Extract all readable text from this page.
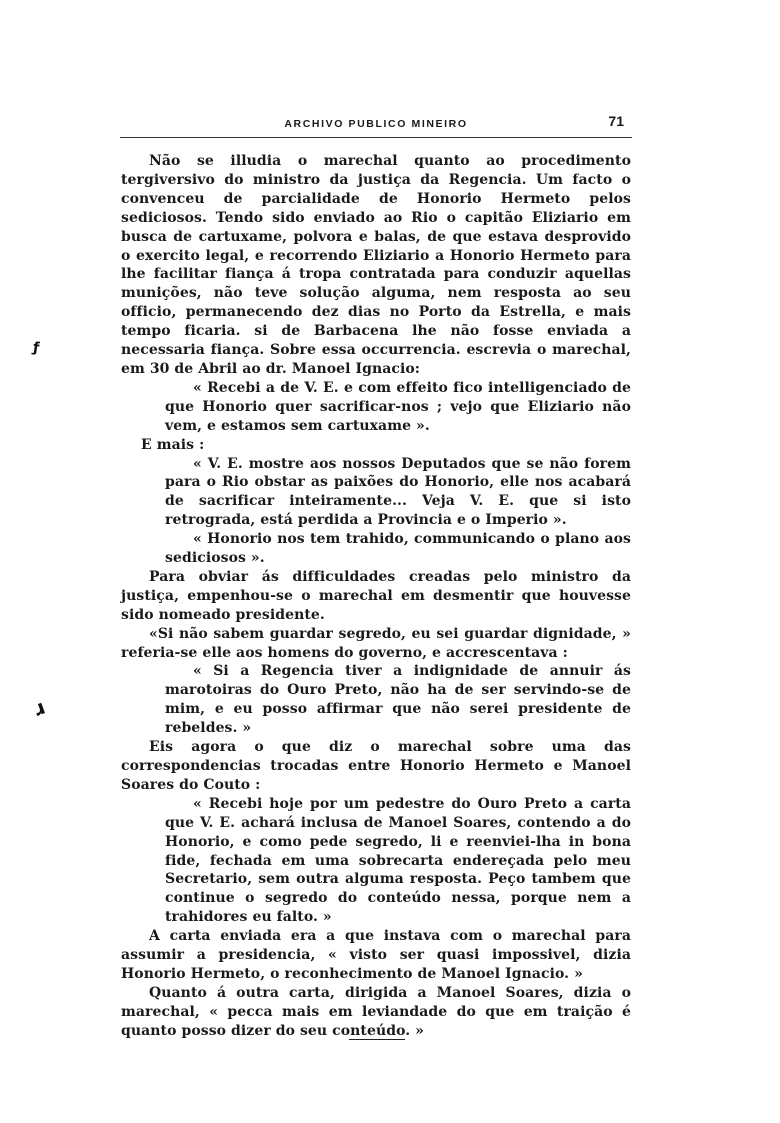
ARCHIVO PUBLICO MINEIRO	71
ƒ
ɹ

Não se illudia o marechal quanto ao procedimento tergiversivo do ministro da justiça da Regencia. Um facto o convenceu de parcialidade de Honorio Hermeto pelos sediciosos. Tendo sido enviado ao Rio o capitão Eliziario em busca de cartuxame, polvora e balas, de que estava desprovido o exercito legal, e recorrendo Eliziario a Honorio Hermeto para lhe facilitar fiança á tropa contratada para conduzir aquellas munições, não teve solução alguma, nem resposta ao seu officio, permanecendo dez dias no Porto da Estrella, e mais tempo ficaria. si de Barbacena lhe não fosse enviada a necessaria fiança. Sobre essa occurrencia. escrevia o marechal, em 30 de Abril ao dr. Manoel Ignacio:

« Recebi a de V. E. e com effeito fico intelligenciado de que Honorio quer sacrificar-nos ; vejo que Eliziario não vem, e estamos sem cartuxame ».

E mais :

« V. E. mostre aos nossos Deputados que se não forem para o Rio obstar as paixões do Honorio, elle nos acabará de sacrificar inteiramente... Veja V. E. que si isto retrograda, está perdida a Provincia e o Imperio ».

« Honorio nos tem trahido, communicando o plano aos sediciosos ».

Para obviar ás difficuldades creadas pelo ministro da justiça, empenhou-se o marechal em desmentir que houvesse sido nomeado presidente.

«Si não sabem guardar segredo, eu sei guardar dignidade, » referia-se elle aos homens do governo, e accrescentava :

« Si a Regencia tiver a indignidade de annuir ás marotoiras do Ouro Preto, não ha de ser servindo-se de mim, e eu posso affirmar que não serei presidente de rebeldes. »

Eis agora o que diz o marechal sobre uma das correspondencias trocadas entre Honorio Hermeto e Manoel Soares do Couto :

« Recebi hoje por um pedestre do Ouro Preto a carta que V. E. achará inclusa de Manoel Soares, contendo a do Honorio, e como pede segredo, li e reenviei-lha in bona fide, fechada em uma sobrecarta endereçada pelo meu Secretario, sem outra alguma resposta. Peço tambem que continue o segredo do conteúdo nessa, porque nem a trahidores eu falto. »

A carta enviada era a que instava com o marechal para assumir a presidencia, « visto ser quasi impossivel, dizia Honorio Hermeto, o reconhecimento de Manoel Ignacio. »

Quanto á outra carta, dirigida a Manoel Soares, dizia o marechal, « pecca mais em leviandade do que em traição é quanto posso dizer do seu conteúdo. »
